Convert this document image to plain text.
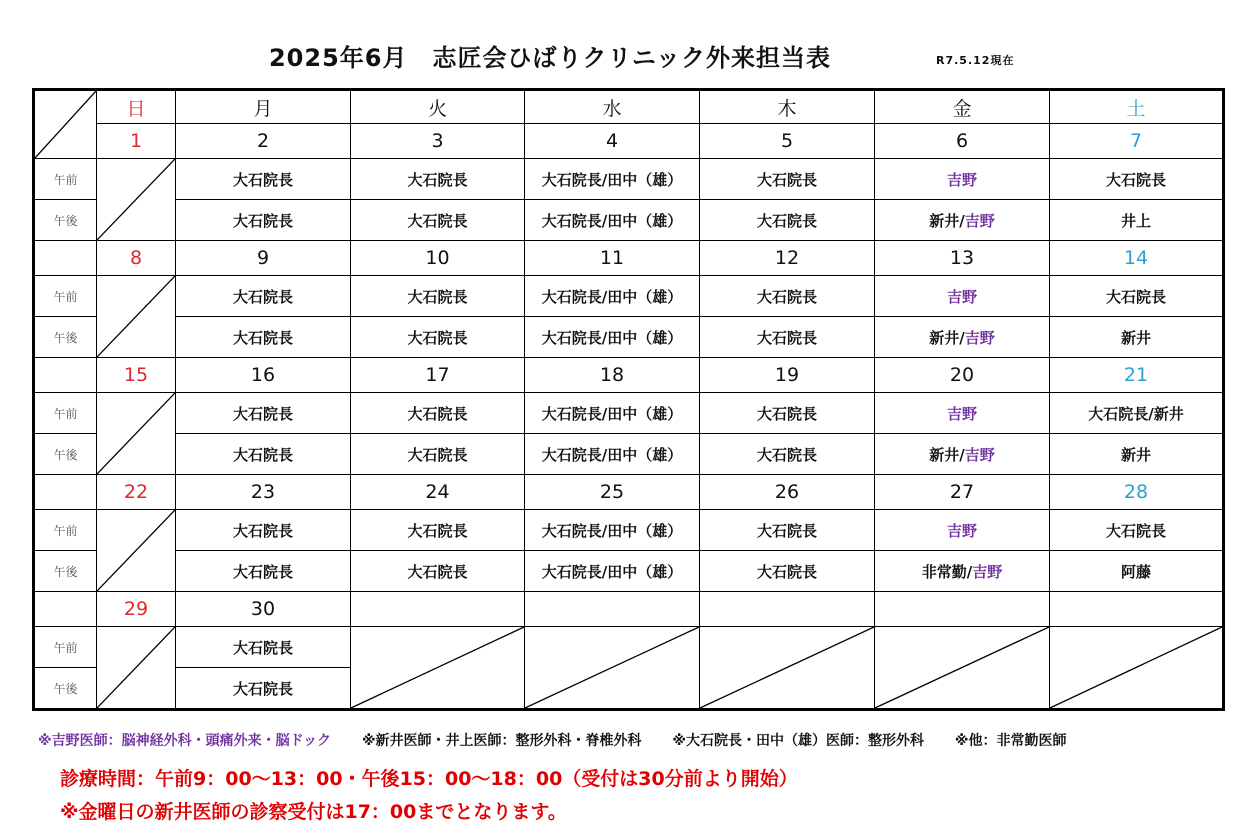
2025年6月　志匠会ひばりクリニック外来担当表	R7.5.12現在
	日	月	火	水	木	金	土
	1	2	3	4	5	6	7
午前		大石院長	大石院長	大石院長/田中（雄）	大石院長	吉野	大石院長
午後		大石院長	大石院長	大石院長/田中（雄）	大石院長	新井/吉野	井上
	8	9	10	11	12	13	14
午前		大石院長	大石院長	大石院長/田中（雄）	大石院長	吉野	大石院長
午後		大石院長	大石院長	大石院長/田中（雄）	大石院長	新井/吉野	新井
	15	16	17	18	19	20	21
午前		大石院長	大石院長	大石院長/田中（雄）	大石院長	吉野	大石院長/新井
午後		大石院長	大石院長	大石院長/田中（雄）	大石院長	新井/吉野	新井
	22	23	24	25	26	27	28
午前		大石院長	大石院長	大石院長/田中（雄）	大石院長	吉野	大石院長
午後		大石院長	大石院長	大石院長/田中（雄）	大石院長	非常勤/吉野	阿藤
	29	30					
午前		大石院長	

午後		大石院長					
※吉野医師：脳神経外科・頭痛外来・脳ドック ※新井医師・井上医師：整形外科・脊椎外科 ※大石院長・田中（雄）医師：整形外科 ※他：非常勤医師
診療時間：午前9：00～13：00・午後15：00～18：00（受付は30分前より開始）
※金曜日の新井医師の診察受付は17：00までとなります。
